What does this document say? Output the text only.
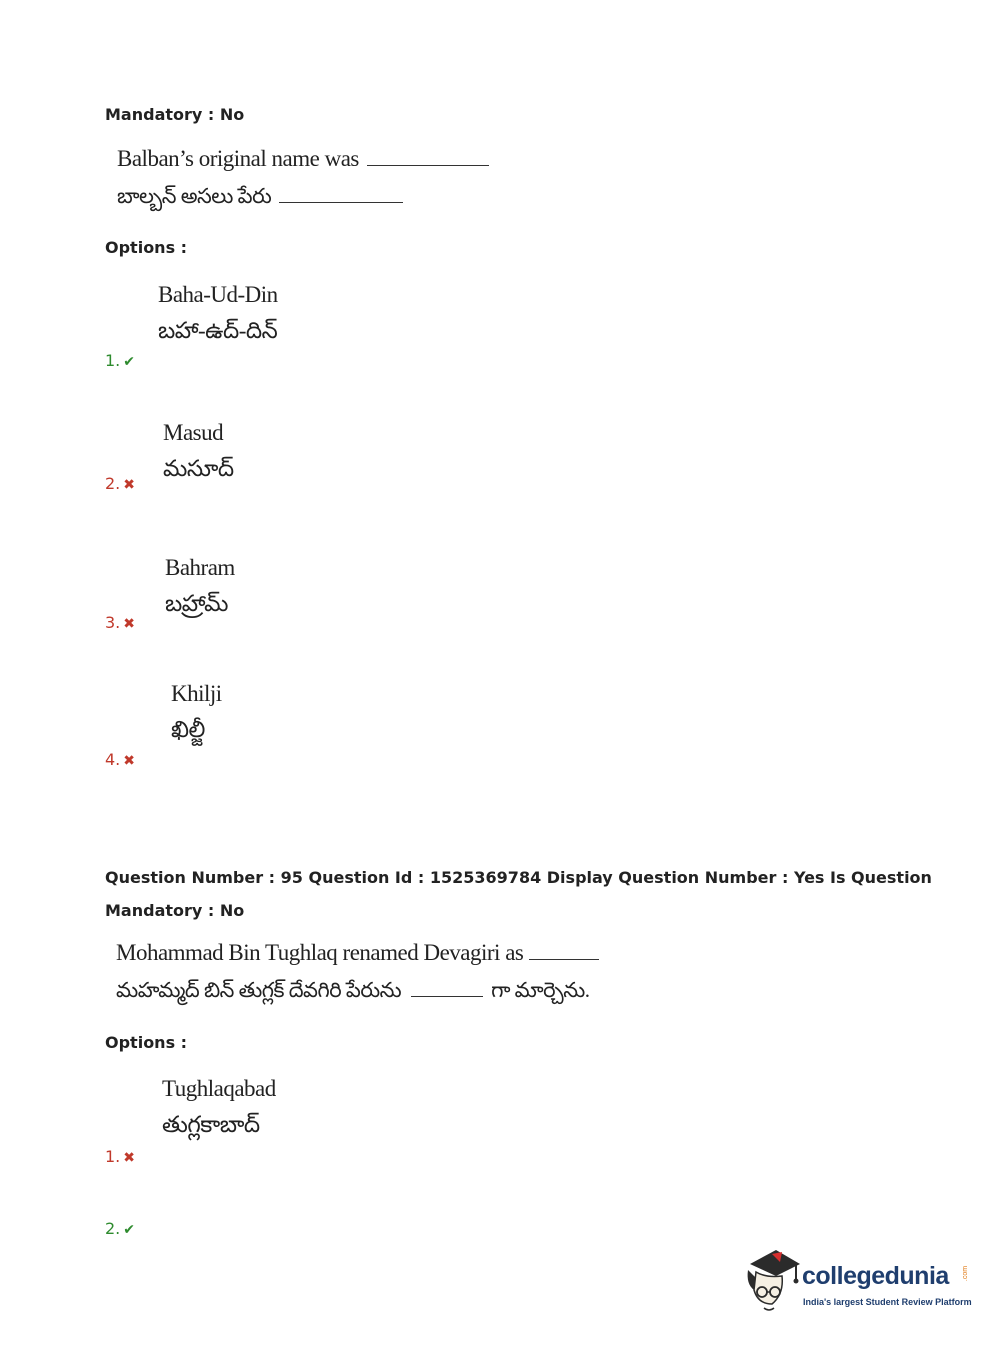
Mandatory : No
Balban’s original name was
బాల్బన్ అసలు పేరు
Options :
Baha-Ud-Din
బహా-ఉద్-దిన్
1. ✔
Masud
మసూద్
2. ✖
Bahram
బహ్రామ్
3. ✖
Khilji
ఖిల్జీ
4. ✖
Question Number : 95 Question Id : 1525369784 Display Question Number : Yes Is Question
Mandatory : No
Mohammad Bin Tughlaq renamed Devagiri as
మహమ్మద్ బిన్ తుగ్లక్ దేవగిరి పేరును	గా మార్చెను.
Options :
Tughlaqabad
తుగ్లకాబాద్
1. ✖
2. ✔
collegedunia .com
India's largest Student Review Platform
